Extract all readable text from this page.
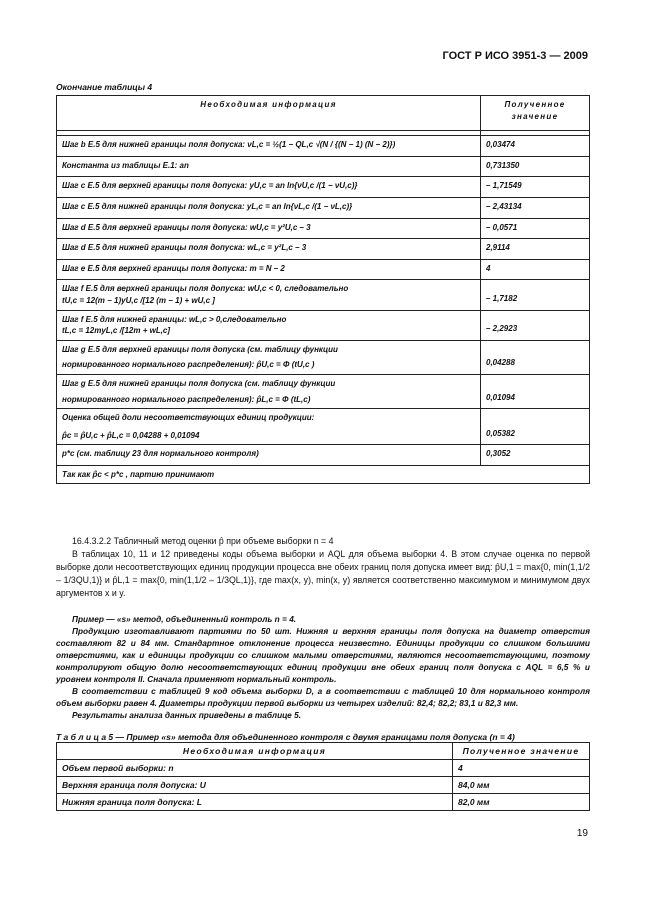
ГОСТ Р ИСО 3951-3 — 2009
Окончание таблицы 4
Необходимая информация	Полученное значение

Шаг b E.5 для нижней границы поля допуска: νL,c = ½(1 − QL,c √(N / {(N − 1) (N − 2)})	0,03474
Константа из таблицы E.1: an	0,731350
Шаг c E.5 для верхней границы поля допуска: yU,c = an ln{νU,c /(1 − νU,c)}	– 1,71549
Шаг c E.5 для нижней границы поля допуска: yL,c = an ln{νL,c /(1 − νL,c)}	– 2,43134
Шаг d E.5 для верхней границы поля допуска: wU,c = y²U,c – 3	– 0,0571
Шаг d E.5 для нижней границы поля допуска: wL,c = y²L,c – 3	2,9114
Шаг e E.5 для верхней границы поля допуска: m = N – 2	4

Шаг f E.5 для верхней границы поля допуска: wU,c < 0, следовательно
tU,c = 12(m − 1)yU,c /[12 (m − 1) + wU,c ]	– 1,7182

Шаг f E.5 для нижней границы: wL,c > 0,следовательно
tL,c = 12myL,c /[12m + wL,c]	– 2,2923

Шаг g E.5 для верхней границы поля допуска (см. таблицу функции
нормированного нормального распределения): p̂U,c = Φ (tU,c )	0,04288

Шаг g E.5 для нижней границы поля допуска (см. таблицу функции
нормированного нормального распределения): p̂L,c = Φ (tL,c)	0,01094

Оценка общей доли несоответствующих единиц продукции:
p̂c = p̂U,c + p̂L,c = 0,04288 + 0,01094	0,05382
p*c (см. таблицу 23 для нормального контроля)	0,3052
Так как p̂c < p*c , партию принимают	

16.4.3.2.2 Табличный метод оценки p̂ при объеме выборки n = 4

В таблицах 10, 11 и 12 приведены коды объема выборки и AQL для объема выборки 4. В этом случае оценка по первой выборке доли несоответствующих единиц продукции процесса вне обеих границ поля допуска имеет вид: p̂U,1 = max{0, min(1,1/2 – 1/3QU,1)} и p̂L,1 = max{0, min(1,1/2 – 1/3QL,1)}, где max(x, y), min(x, y) является соответственно максимумом и минимумом двух аргументов x и y.

Пример — «s» метод, объединенный контроль n = 4.

Продукцию изготавливают партиями по 50 шт. Нижняя и верхняя границы поля допуска на диаметр отверстия составляют 82 и 84 мм. Стандартное отклонение процесса неизвестно. Единицы продукции со слишком большими отверстиями, как и единицы продукции со слишком малыми отверстиями, являются несоответствующими, поэтому контролируют общую долю несоответствующих единиц продукции вне обеих границ поля допуска с AQL = 6,5 % и уровнем контроля II. Сначала применяют нормальный контроль.

В соответствии с таблицей 9 код объема выборки D, а в соответствии с таблицей 10 для нормального контроля объем выборки равен 4. Диаметры продукции первой выборки из четырех изделий: 82,4; 82,2; 83,1 и 82,3 мм.

Результаты анализа данных приведены в таблице 5.

Т а б л и ц а 5 — Пример «s» метода для объединенного контроля с двумя границами поля допуска (n = 4)
Необходимая информация	Полученное значение
Объем первой выборки: n	4
Верхняя граница поля допуска: U	84,0 мм
Нижняя граница поля допуска: L	82,0 мм
19
